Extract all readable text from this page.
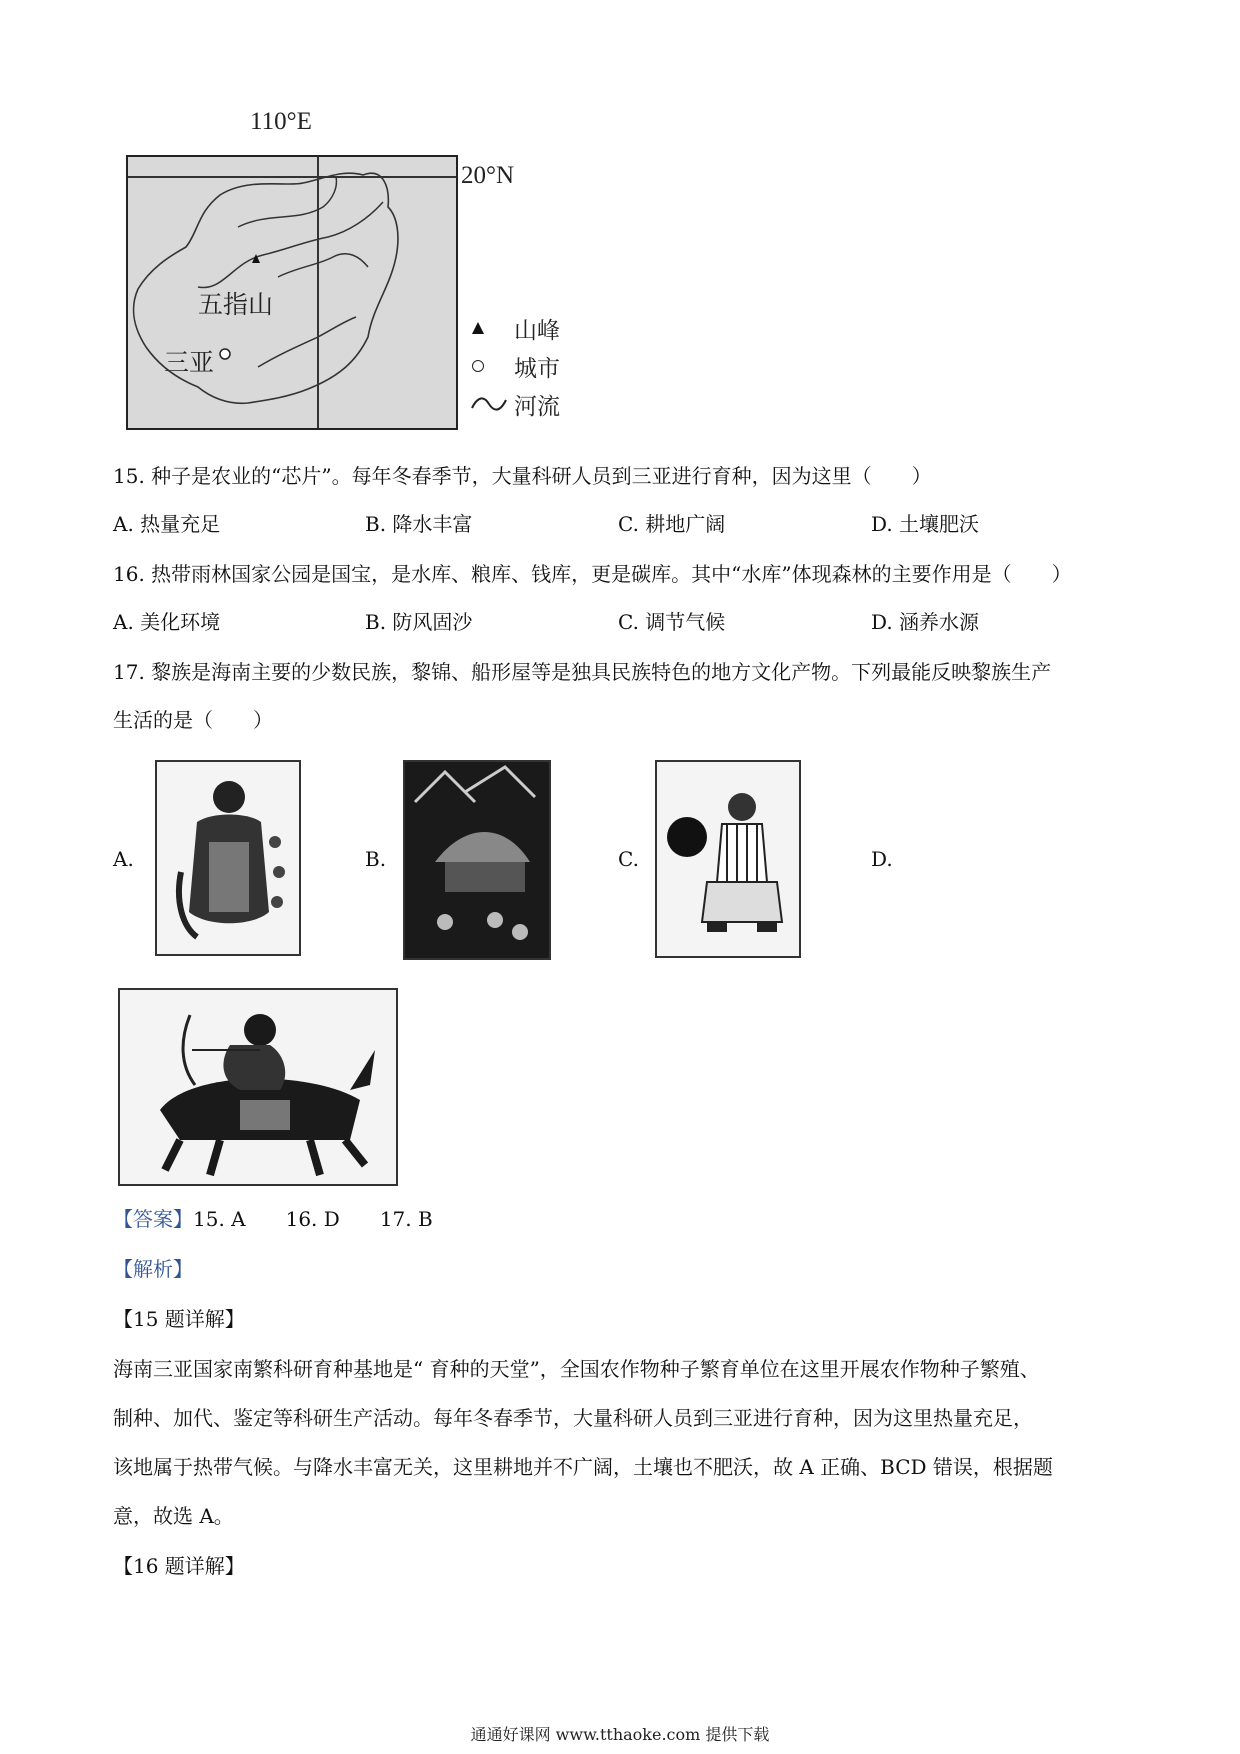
110°E
20°N
五指山
三亚
山峰
城市
河流
15. 种子是农业的“芯片”。每年冬春季节，大量科研人员到三亚进行育种，因为这里（　　）
A. 热量充足	B. 降水丰富	C. 耕地广阔	D. 土壤肥沃
16. 热带雨林国家公园是国宝，是水库、粮库、钱库，更是碳库。其中“水库”体现森林的主要作用是（　　）
A. 美化环境	B. 防风固沙	C. 调节气候	D. 涵养水源
17. 黎族是海南主要的少数民族，黎锦、船形屋等是独具民族特色的地方文化产物。下列最能反映黎族生产
生活的是（　　）
A.	B.	C.	D.
【答案】15. A 16. D 17. B
【解析】
【15 题详解】
海南三亚国家南繁科研育种基地是“ 育种的天堂”，全国农作物种子繁育单位在这里开展农作物种子繁殖、
制种、加代、鉴定等科研生产活动。每年冬春季节，大量科研人员到三亚进行育种，因为这里热量充足，
该地属于热带气候。与降水丰富无关，这里耕地并不广阔，土壤也不肥沃，故 A 正确、BCD 错误，根据题
意，故选 A。
【16 题详解】
通通好课网 www.tthaoke.com 提供下载
